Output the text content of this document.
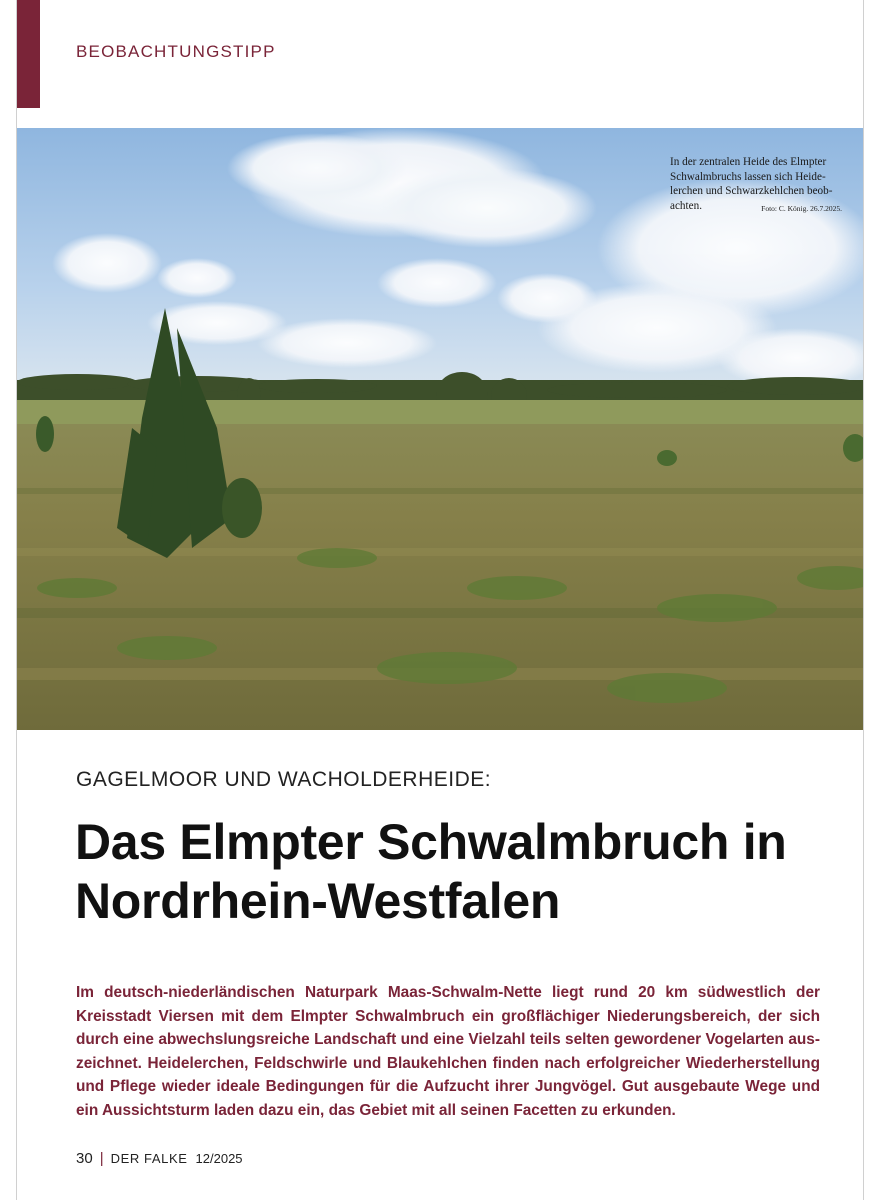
BEOBACHTUNGSTIPP
In der zentralen Heide des Elmpter Schwalmbruchs lassen sich Heidelerchen und Schwarzkehlchen beobachten.	Foto: C. König. 26.7.2025.
GAGELMOOR UND WACHOLDERHEIDE:
Das Elmpter Schwalmbruch in Nordrhein-Westfalen
Im deutsch-niederländischen Naturpark Maas-Schwalm-Nette liegt rund 20 km südwestlich der Kreisstadt Viersen mit dem Elmpter Schwalmbruch ein großflächiger Niederungsbereich, der sich durch eine abwechslungsreiche Landschaft und eine Vielzahl teils selten gewordener Vogelarten auszeichnet. Heidelerchen, Feldschwirle und Blaukehlchen finden nach erfolgreicher Wiederherstellung und Pflege wieder ideale Bedingungen für die Aufzucht ihrer Jungvögel. Gut ausgebaute Wege und ein Aussichtsturm laden dazu ein, das Gebiet mit all seinen Facetten zu erkunden.
30 | DER FALKE 12/2025
